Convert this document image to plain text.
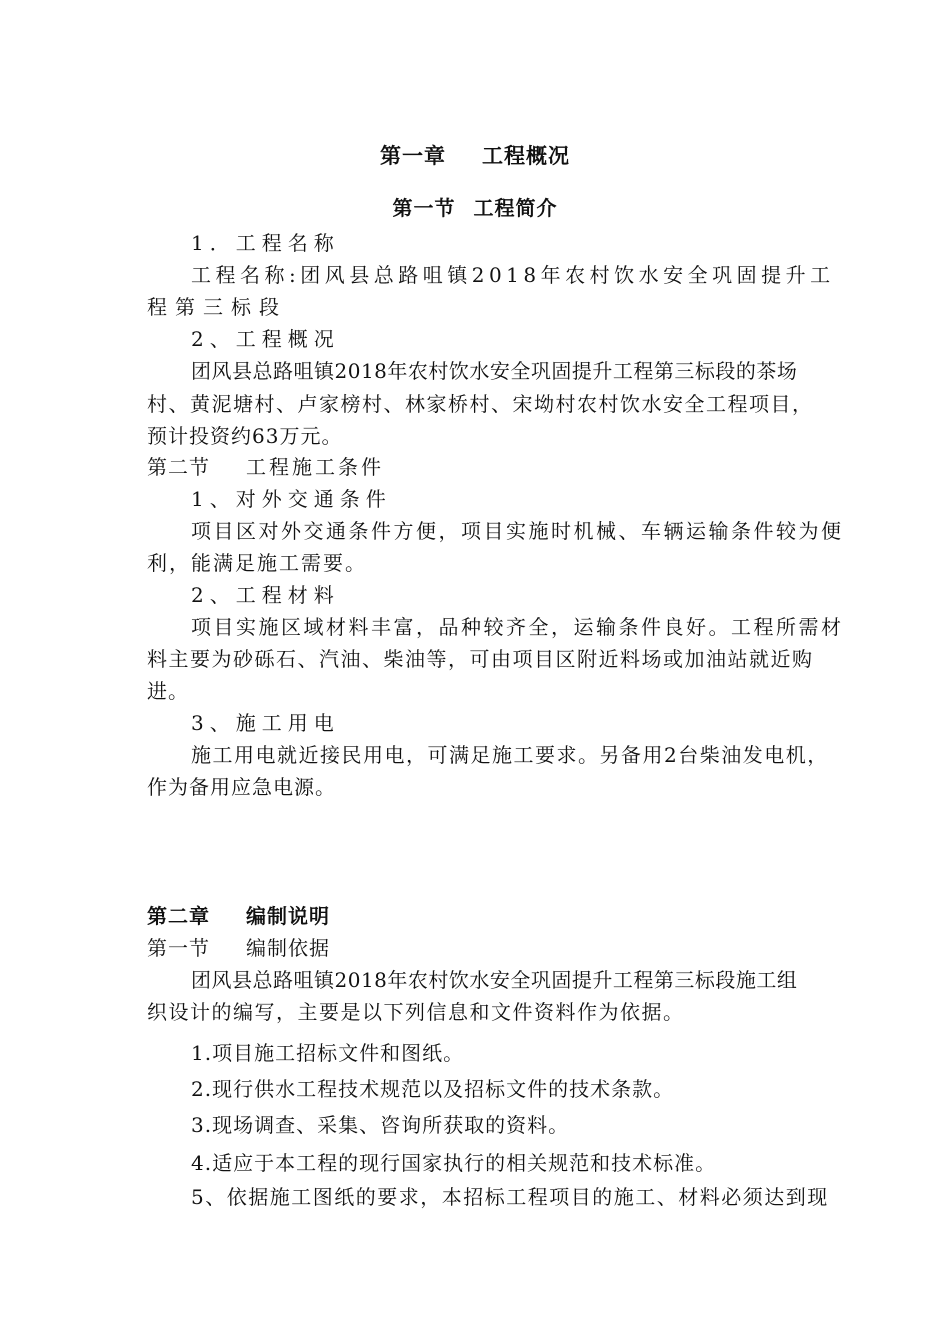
第一章 工程概况
第一节 工程简介
1．工程名称
工程名称:团风县总路咀镇2018年农村饮水安全巩固提升工
程第三标段
2、工程概况
团风县总路咀镇2018年农村饮水安全巩固提升工程第三标段的茶场
村、黄泥塘村、卢家榜村、林家桥村、宋坳村农村饮水安全工程项目，
预计投资约63万元。
第二节 工程施工条件
1、对外交通条件
项目区对外交通条件方便，项目实施时机械、车辆运输条件较为便
利，能满足施工需要。
2、工程材料
项目实施区域材料丰富，品种较齐全，运输条件良好。工程所需材
料主要为砂砾石、汽油、柴油等，可由项目区附近料场或加油站就近购
进。
3、施工用电
施工用电就近接民用电，可满足施工要求。另备用2台柴油发电机，
作为备用应急电源。
第二章 编制说明
第一节 编制依据
团风县总路咀镇2018年农村饮水安全巩固提升工程第三标段施工组
织设计的编写，主要是以下列信息和文件资料作为依据。
1.项目施工招标文件和图纸。
2.现行供水工程技术规范以及招标文件的技术条款。
3.现场调查、采集、咨询所获取的资料。
4.适应于本工程的现行国家执行的相关规范和技术标准。
5、依据施工图纸的要求，本招标工程项目的施工、材料必须达到现
